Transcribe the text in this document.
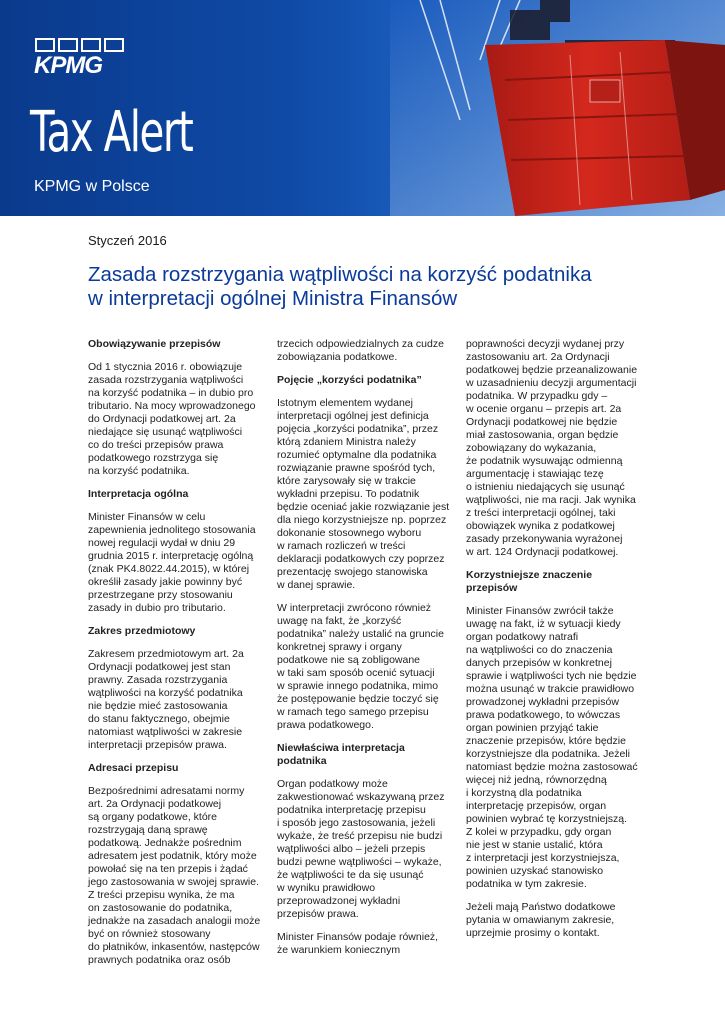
KPMG
Tax Alert
KPMG w Polsce
Styczeń 2016
Zasada rozstrzygania wątpliwości na korzyść podatnika
w interpretacji ogólnej Ministra Finansów
Obowiązywanie przepisów

Od 1 stycznia 2016 r. obowiązuje
zasada rozstrzygania wątpliwości
na korzyść podatnika – in dubio pro
tributario. Na mocy wprowadzonego
do Ordynacji podatkowej art. 2a
niedające się usunąć wątpliwości
co do treści przepisów prawa
podatkowego rozstrzyga się
na korzyść podatnika.

Interpretacja ogólna

Minister Finansów w celu
zapewnienia jednolitego stosowania
nowej regulacji wydał w dniu 29
grudnia 2015 r. interpretację ogólną
(znak PK4.8022.44.2015), w której
określił zasady jakie powinny być
przestrzegane przy stosowaniu
zasady in dubio pro tributario.

Zakres przedmiotowy

Zakresem przedmiotowym art. 2a
Ordynacji podatkowej jest stan
prawny. Zasada rozstrzygania
wątpliwości na korzyść podatnika
nie będzie mieć zastosowania
do stanu faktycznego, obejmie
natomiast wątpliwości w zakresie
interpretacji przepisów prawa.

Adresaci przepisu

Bezpośrednimi adresatami normy
art. 2a Ordynacji podatkowej
są organy podatkowe, które
rozstrzygają daną sprawę
podatkową. Jednakże pośrednim
adresatem jest podatnik, który może
powołać się na ten przepis i żądać
jego zastosowania w swojej sprawie.
Z treści przepisu wynika, że ma
on zastosowanie do podatnika,
jednakże na zasadach analogii może
być on również stosowany
do płatników, inkasentów, następców
prawnych podatnika oraz osób

trzecich odpowiedzialnych za cudze
zobowiązania podatkowe.

Pojęcie „korzyści podatnika”

Istotnym elementem wydanej
interpretacji ogólnej jest definicja
pojęcia „korzyści podatnika”, przez
którą zdaniem Ministra należy
rozumieć optymalne dla podatnika
rozwiązanie prawne spośród tych,
które zarysowały się w trakcie
wykładni przepisu. To podatnik
będzie oceniać jakie rozwiązanie jest
dla niego korzystniejsze np. poprzez
dokonanie stosownego wyboru
w ramach rozliczeń w treści
deklaracji podatkowych czy poprzez
prezentację swojego stanowiska
w danej sprawie.

W interpretacji zwrócono również
uwagę na fakt, że „korzyść
podatnika” należy ustalić na gruncie
konkretnej sprawy i organy
podatkowe nie są zobligowane
w taki sam sposób ocenić sytuacji
w sprawie innego podatnika, mimo
że postępowanie będzie toczyć się
w ramach tego samego przepisu
prawa podatkowego.

Niewłaściwa interpretacja
podatnika

Organ podatkowy może
zakwestionować wskazywaną przez
podatnika interpretację przepisu
i sposób jego zastosowania, jeżeli
wykaże, że treść przepisu nie budzi
wątpliwości albo – jeżeli przepis
budzi pewne wątpliwości – wykaże,
że wątpliwości te da się usunąć
w wyniku prawidłowo
przeprowadzonej wykładni
przepisów prawa.

Minister Finansów podaje również,
że warunkiem koniecznym

poprawności decyzji wydanej przy
zastosowaniu art. 2a Ordynacji
podatkowej będzie przeanalizowanie
w uzasadnieniu decyzji argumentacji
podatnika. W przypadku gdy –
w ocenie organu – przepis art. 2a
Ordynacji podatkowej nie będzie
miał zastosowania, organ będzie
zobowiązany do wykazania,
że podatnik wysuwając odmienną
argumentację i stawiając tezę
o istnieniu niedających się usunąć
wątpliwości, nie ma racji. Jak wynika
z treści interpretacji ogólnej, taki
obowiązek wynika z podatkowej
zasady przekonywania wyrażonej
w art. 124 Ordynacji podatkowej.

Korzystniejsze znaczenie
przepisów

Minister Finansów zwrócił także
uwagę na fakt, iż w sytuacji kiedy
organ podatkowy natrafi
na wątpliwości co do znaczenia
danych przepisów w konkretnej
sprawie i wątpliwości tych nie będzie
można usunąć w trakcie prawidłowo
prowadzonej wykładni przepisów
prawa podatkowego, to wówczas
organ powinien przyjąć takie
znaczenie przepisów, które będzie
korzystniejsze dla podatnika. Jeżeli
natomiast będzie można zastosować
więcej niż jedną, równorzędną
i korzystną dla podatnika
interpretację przepisów, organ
powinien wybrać tę korzystniejszą.
Z kolei w przypadku, gdy organ
nie jest w stanie ustalić, która
z interpretacji jest korzystniejsza,
powinien uzyskać stanowisko
podatnika w tym zakresie.

Jeżeli mają Państwo dodatkowe
pytania w omawianym zakresie,
uprzejmie prosimy o kontakt.
